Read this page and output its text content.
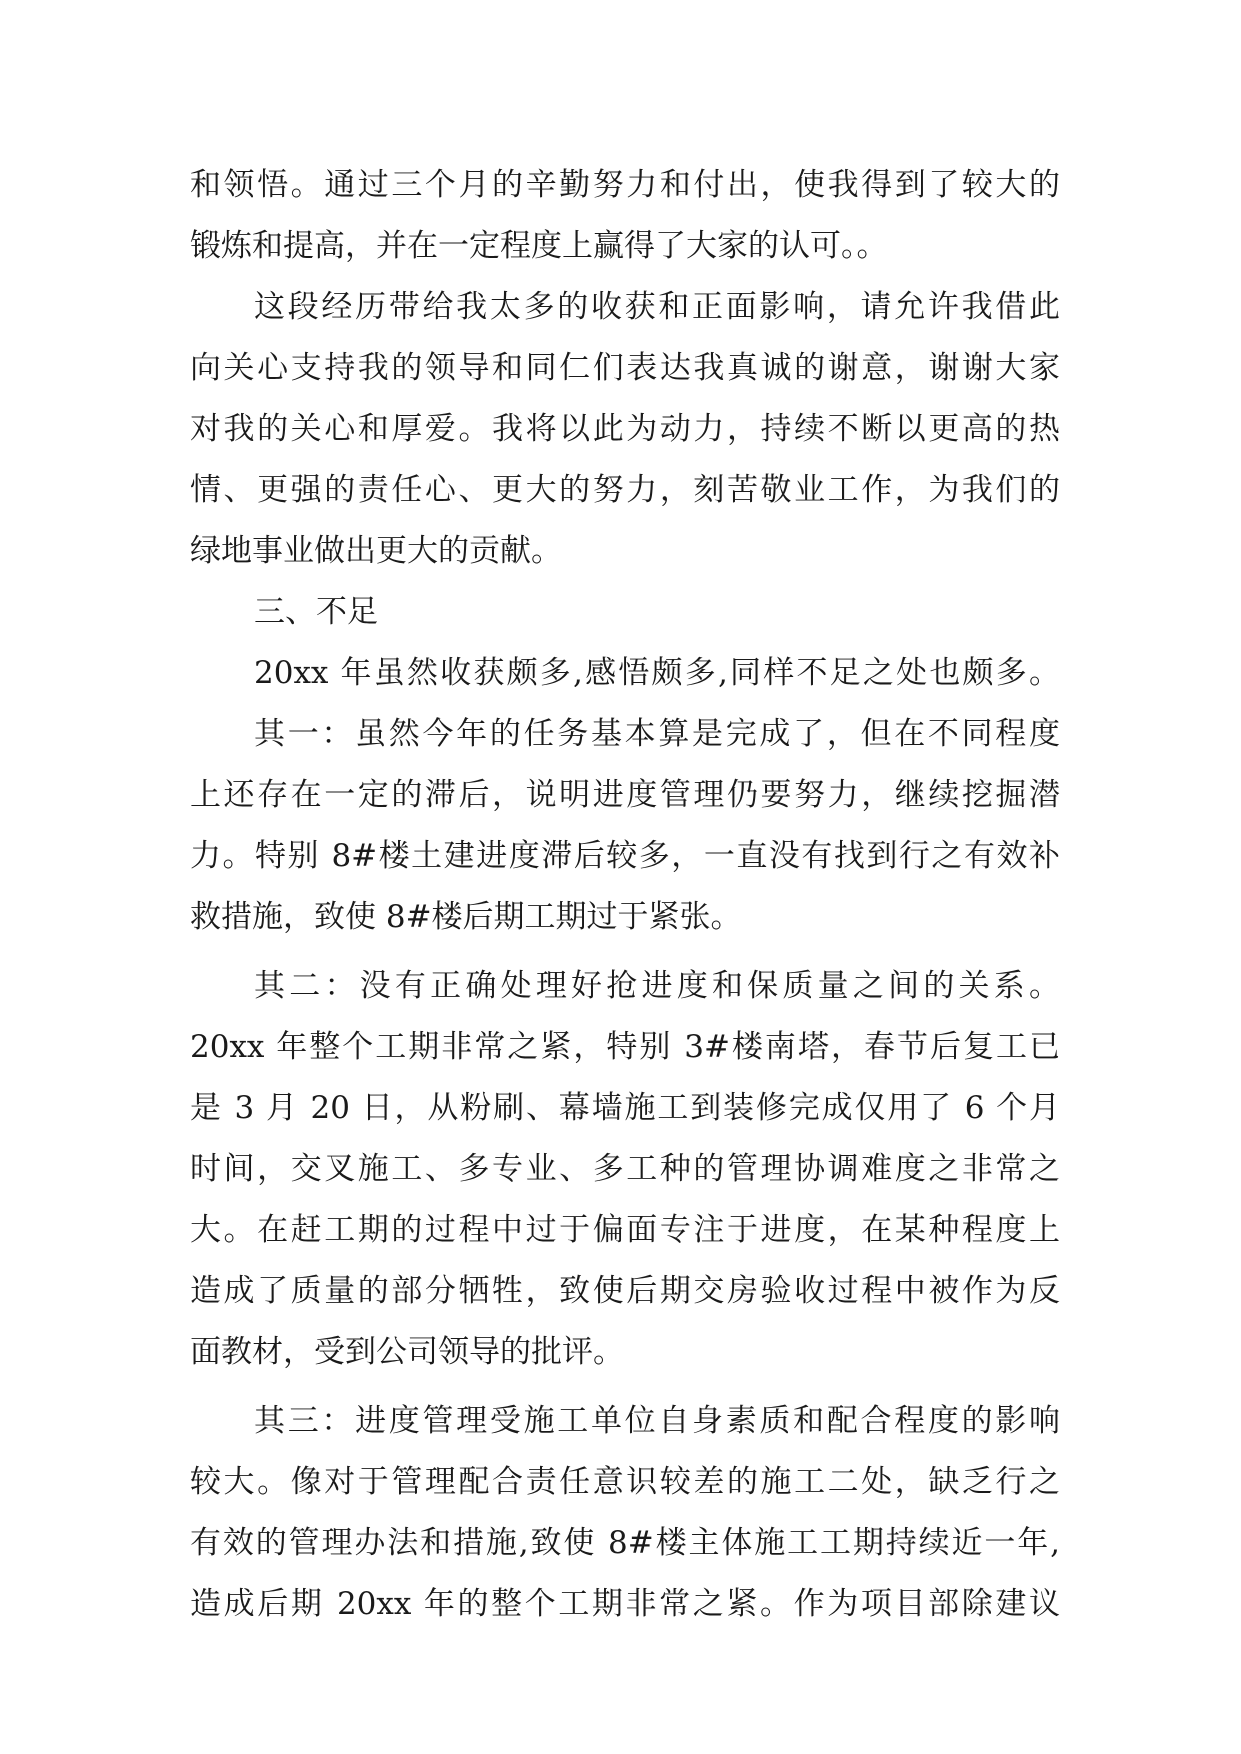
和领悟。通过三个月的辛勤努力和付出，使我得到了较大的
锻炼和提高，并在一定程度上赢得了大家的认可。。
这段经历带给我太多的收获和正面影响，请允许我借此
向关心支持我的领导和同仁们表达我真诚的谢意，谢谢大家
对我的关心和厚爱。我将以此为动力，持续不断以更高的热
情、更强的责任心、更大的努力，刻苦敬业工作，为我们的
绿地事业做出更大的贡献。
三、不足
20xx 年虽然收获颇多,感悟颇多,同样不足之处也颇多。
其一：虽然今年的任务基本算是完成了，但在不同程度
上还存在一定的滞后，说明进度管理仍要努力，继续挖掘潜
力。特别 8#楼土建进度滞后较多，一直没有找到行之有效补
救措施，致使 8#楼后期工期过于紧张。
其二：没有正确处理好抢进度和保质量之间的关系。
20xx 年整个工期非常之紧，特别 3#楼南塔，春节后复工已
是 3 月 20 日，从粉刷、幕墙施工到装修完成仅用了 6 个月
时间，交叉施工、多专业、多工种的管理协调难度之非常之
大。在赶工期的过程中过于偏面专注于进度，在某种程度上
造成了质量的部分牺牲，致使后期交房验收过程中被作为反
面教材，受到公司领导的批评。
其三：进度管理受施工单位自身素质和配合程度的影响
较大。像对于管理配合责任意识较差的施工二处，缺乏行之
有效的管理办法和措施,致使 8#楼主体施工工期持续近一年,
造成后期 20xx 年的整个工期非常之紧。作为项目部除建议
